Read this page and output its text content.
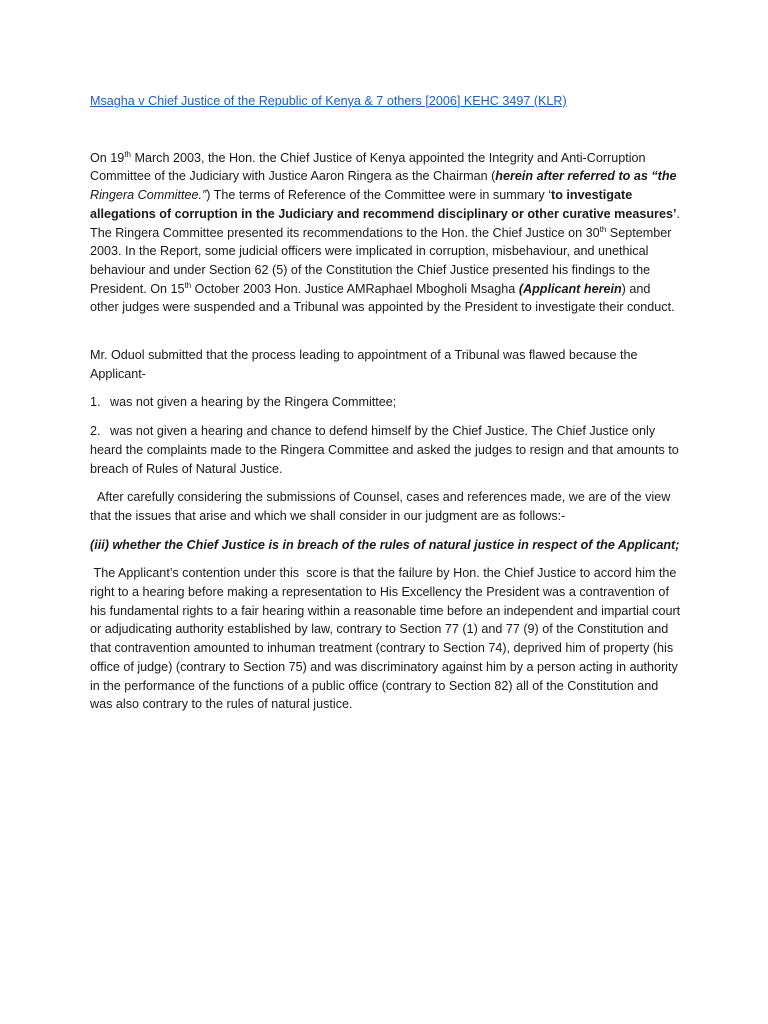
Msagha v Chief Justice of the Republic of Kenya & 7 others [2006] KEHC 3497 (KLR)

On 19th March 2003, the Hon. the Chief Justice of Kenya appointed the Integrity and Anti-Corruption Committee of the Judiciary with Justice Aaron Ringera as the Chairman (herein after referred to as “the Ringera Committee.”) The terms of Reference of the Committee were in summary ‘to investigate allegations of corruption in the Judiciary and recommend disciplinary or other curative measures’. The Ringera Committee presented its recommendations to the Hon. the Chief Justice on 30th September 2003. In the Report, some judicial officers were implicated in corruption, misbehaviour, and unethical behaviour and under Section 62 (5) of the Constitution the Chief Justice presented his findings to the President. On 15th October 2003 Hon. Justice AMRaphael Mbogholi Msagha (Applicant herein) and other judges were suspended and a Tribunal was appointed by the President to investigate their conduct.

Mr. Oduol submitted that the process leading to appointment of a Tribunal was flawed because the Applicant-

1. was not given a hearing by the Ringera Committee;

2. was not given a hearing and chance to defend himself by the Chief Justice. The Chief Justice only heard the complaints made to the Ringera Committee and asked the judges to resign and that amounts to breach of Rules of Natural Justice.

After carefully considering the submissions of Counsel, cases and references made, we are of the view that the issues that arise and which we shall consider in our judgment are as follows:-

(iii) whether the Chief Justice is in breach of the rules of natural justice in respect of the Applicant;

The Applicant’s contention under this  score is that the failure by Hon. the Chief Justice to accord him the right to a hearing before making a representation to His Excellency the President was a contravention of his fundamental rights to a fair hearing within a reasonable time before an independent and impartial court or adjudicating authority established by law, contrary to Section 77 (1) and 77 (9) of the Constitution and that contravention amounted to inhuman treatment (contrary to Section 74), deprived him of property (his office of judge) (contrary to Section 75) and was discriminatory against him by a person acting in authority in the performance of the functions of a public office (contrary to Section 82) all of the Constitution and was also contrary to the rules of natural justice.
